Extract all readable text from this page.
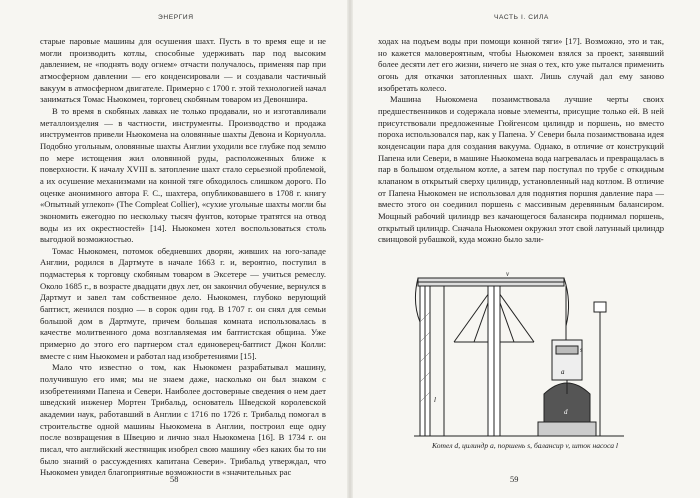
ЭНЕРГИЯ

старые паровые машины для осушения шахт. Пусть в то время еще и не могли производить котлы, способные удерживать пар под высоким давлением, не «поднять воду огнем» отчасти получалось, применяя пар при атмосферном давлении — его конденсировали — и создавали частичный вакуум в атмосферном двигателе. Примерно с 1700 г. этой технологией начал заниматься Томас Ньюкомен, торговец скобяным товаром из Девоншира.

В то время в скобяных лавках не только продавали, но и изготавливали металлоизделия — в частности, инструменты. Производство и продажа инструментов привели Ньюкомена на оловянные шахты Девона и Корнуолла. Подобно угольным, оловянные шахты Англии уходили все глубже под землю по мере истощения жил оловянной руды, расположенных ближе к поверхности. К началу XVIII в. затопление шахт стало серьезной проблемой, а их осушение механизмами на конной тяге обходилось слишком дорого. По оценке анонимного автора F. C., шахтера, опубликовавшего в 1708 г. книгу «Опытный углекоп» (The Compleat Collier), «сухие угольные шахты могли бы экономить ежегодно по нескольку тысяч фунтов, которые тратятся на отвод воды из их окрестностей» [14]. Ньюкомен хотел воспользоваться столь выгодной возможностью.

Томас Ньюкомен, потомок обедневших дворян, живших на юго-западе Англии, родился в Дартмуте в начале 1663 г. и, вероятно, поступил в подмастерья к торговцу скобяным товаром в Эксетере — учиться ремеслу. Около 1685 г., в возрасте двадцати двух лет, он закончил обучение, вернулся в Дартмут и завел там собственное дело. Ньюкомен, глубоко верующий баптист, женился поздно — в сорок один год. В 1707 г. он снял для семьи большой дом в Дартмуте, причем большая комната использовалась в качестве молитвенного дома возглавляемая им баптистская община. Уже примерно до этого его партнером стал единоверец-баптист Джон Колли: вместе с ним Ньюкомен и работал над изобретениями [15].

Мало что известно о том, как Ньюкомен разрабатывал машину, получившую его имя; мы не знаем даже, насколько он был знаком с изобретениями Папена и Севери. Наиболее достоверные сведения о нем дает шведский инженер Мортен Трибальд, основатель Шведской королевской академии наук, работавший в Англии с 1716 по 1726 г. Трибальд помогал в строительстве одной машины Ньюкомена в Англии, построил еще одну после возвращения в Швецию и лично знал Ньюкомена [16]. В 1734 г. он писал, что английский жестянщик изобрел свою машину «без каких бы то ни было знаний о рассуждениях капитана Севери». Трибальд утверждал, что Ньюкомен увидел благоприятные возможности в «значительных рас

58
ЧАСТЬ I. СИЛА

ходах на подъем воды при помощи конной тяги» [17]. Возможно, это и так, но кажется маловероятным, чтобы Ньюкомен взялся за проект, занявший более десяти лет его жизни, ничего не зная о тех, кто уже пытался применить огонь для откачки затопленных шахт. Лишь случай дал ему заново изобретать колесо.

Машина Ньюкомена позаимствовала лучшие черты своих предшественников и содержала новые элементы, присущие только ей. В ней присутствовали предложенные Гюйгенсом цилиндр и поршень, но вместо пороха использовался пар, как у Папена. У Севери была позаимствована идея конденсации пара для создания вакуума. Однако, в отличие от конструкций Папена или Севери, в машине Ньюкомена вода нагревалась и превращалась в пар в большом отдельном котле, а затем пар поступал по трубе с откидным клапаном в открытый сверху цилиндр, установленный над котлом. В отличие от Папена Ньюкомен не использовал для поднятия поршня давление пара — вместо этого он соединил поршень с массивным деревянным балансиром. Мощный рабочий цилиндр вез качающегося балансира поднимал поршень, открытый цилиндр. Сначала Ньюкомен окружил этот свой латунный цилиндр свинцовой рубашкой, куда можно было зали-

a
s
v
d
l
Котел d, цилиндр a, поршень s, балансир v, шток насоса l
59
